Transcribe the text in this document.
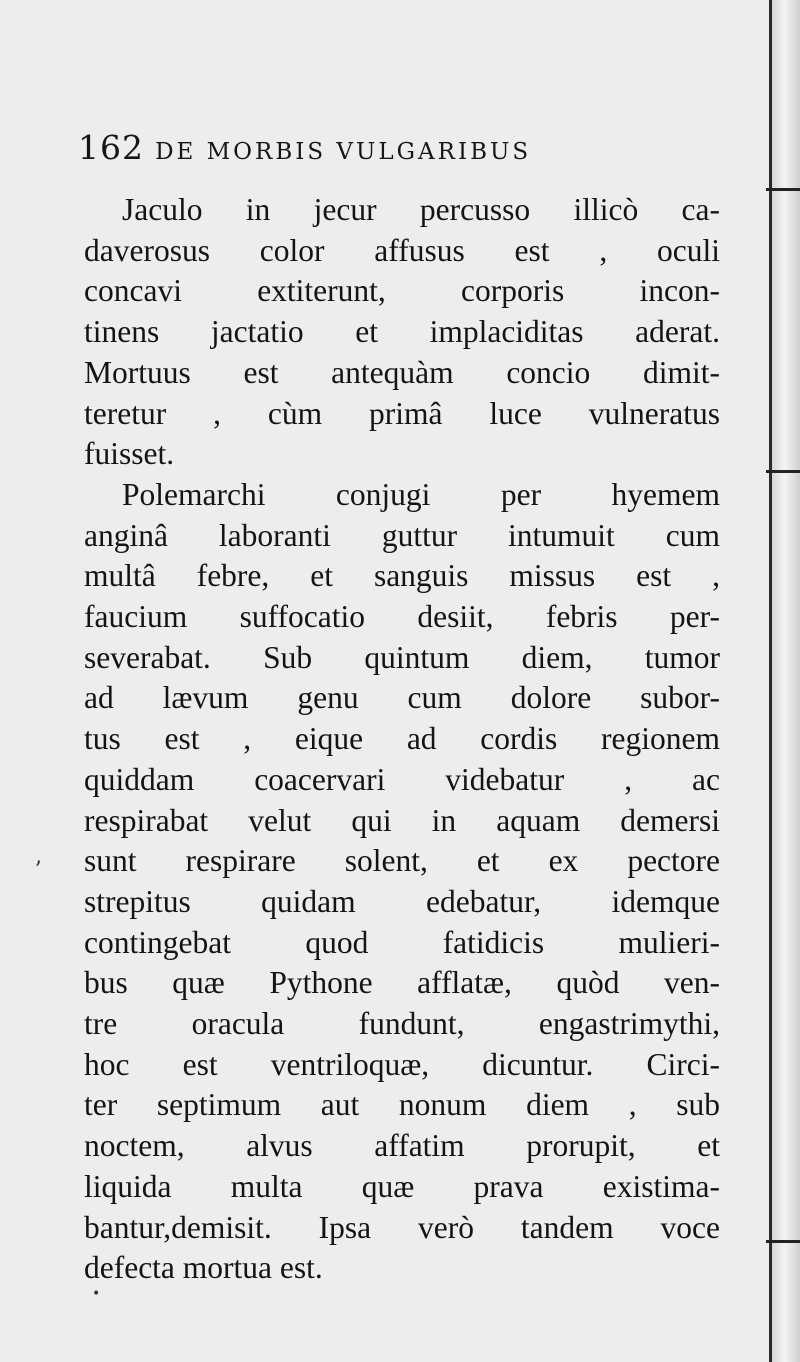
162 DE MORBIS VULGARIBUS
Jaculo in jecur percusso illicò ca-
daverosus color affusus est , oculi
concavi extiterunt, corporis incon-
tinens jactatio et implaciditas aderat.
Mortuus est antequàm concio dimit-
teretur , cùm primâ luce vulneratus
fuisset.
Polemarchi conjugi per hyemem
anginâ laboranti guttur intumuit cum
multâ febre, et sanguis missus est ,
faucium suffocatio desiit, febris per-
severabat. Sub quintum diem, tumor
ad lævum genu cum dolore subor-
tus est , eique ad cordis regionem
quiddam coacervari videbatur , ac
respirabat velut qui in aquam demersi
sunt respirare solent, et ex pectore
strepitus quidam edebatur, idemque
contingebat quod fatidicis mulieri-
bus quæ Pythone afflatæ, quòd ven-
tre oracula fundunt, engastrimythi,
hoc est ventriloquæ, dicuntur. Circi-
ter septimum aut nonum diem , sub
noctem, alvus affatim prorupit, et
liquida multa quæ prava existima-
bantur,demisit. Ipsa verò tandem voce
defecta mortua est.
ʼ
•
